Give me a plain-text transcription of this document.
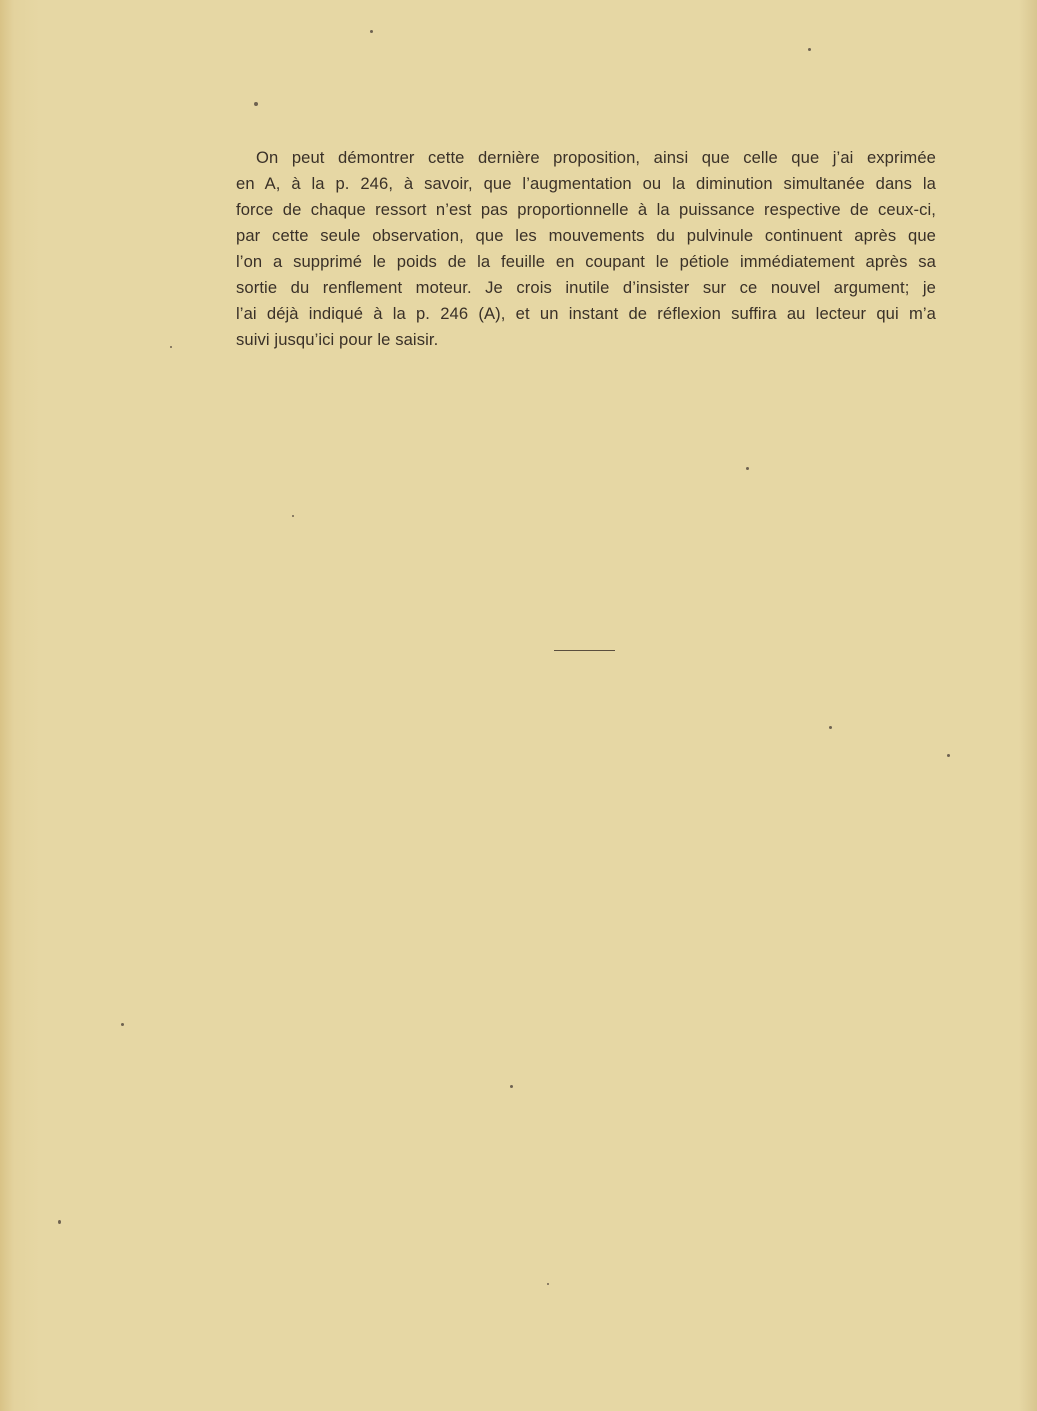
On peut démontrer cette dernière proposition, ainsi que celle que j’ai exprimée
en A, à la p. 246, à savoir, que l’augmentation ou la diminution simultanée dans la
force de chaque ressort n’est pas proportionnelle à la puissance respective de ceux-ci,
par cette seule observation, que les mouvements du pulvinule continuent après que
l’on a supprimé le poids de la feuille en coupant le pétiole immédiatement après sa
sortie du renflement moteur. Je crois inutile d’insister sur ce nouvel argument; je
l’ai déjà indiqué à la p. 246 (A), et un instant de réflexion suffira au lecteur qui m’a
suivi jusqu’ici pour le saisir.
